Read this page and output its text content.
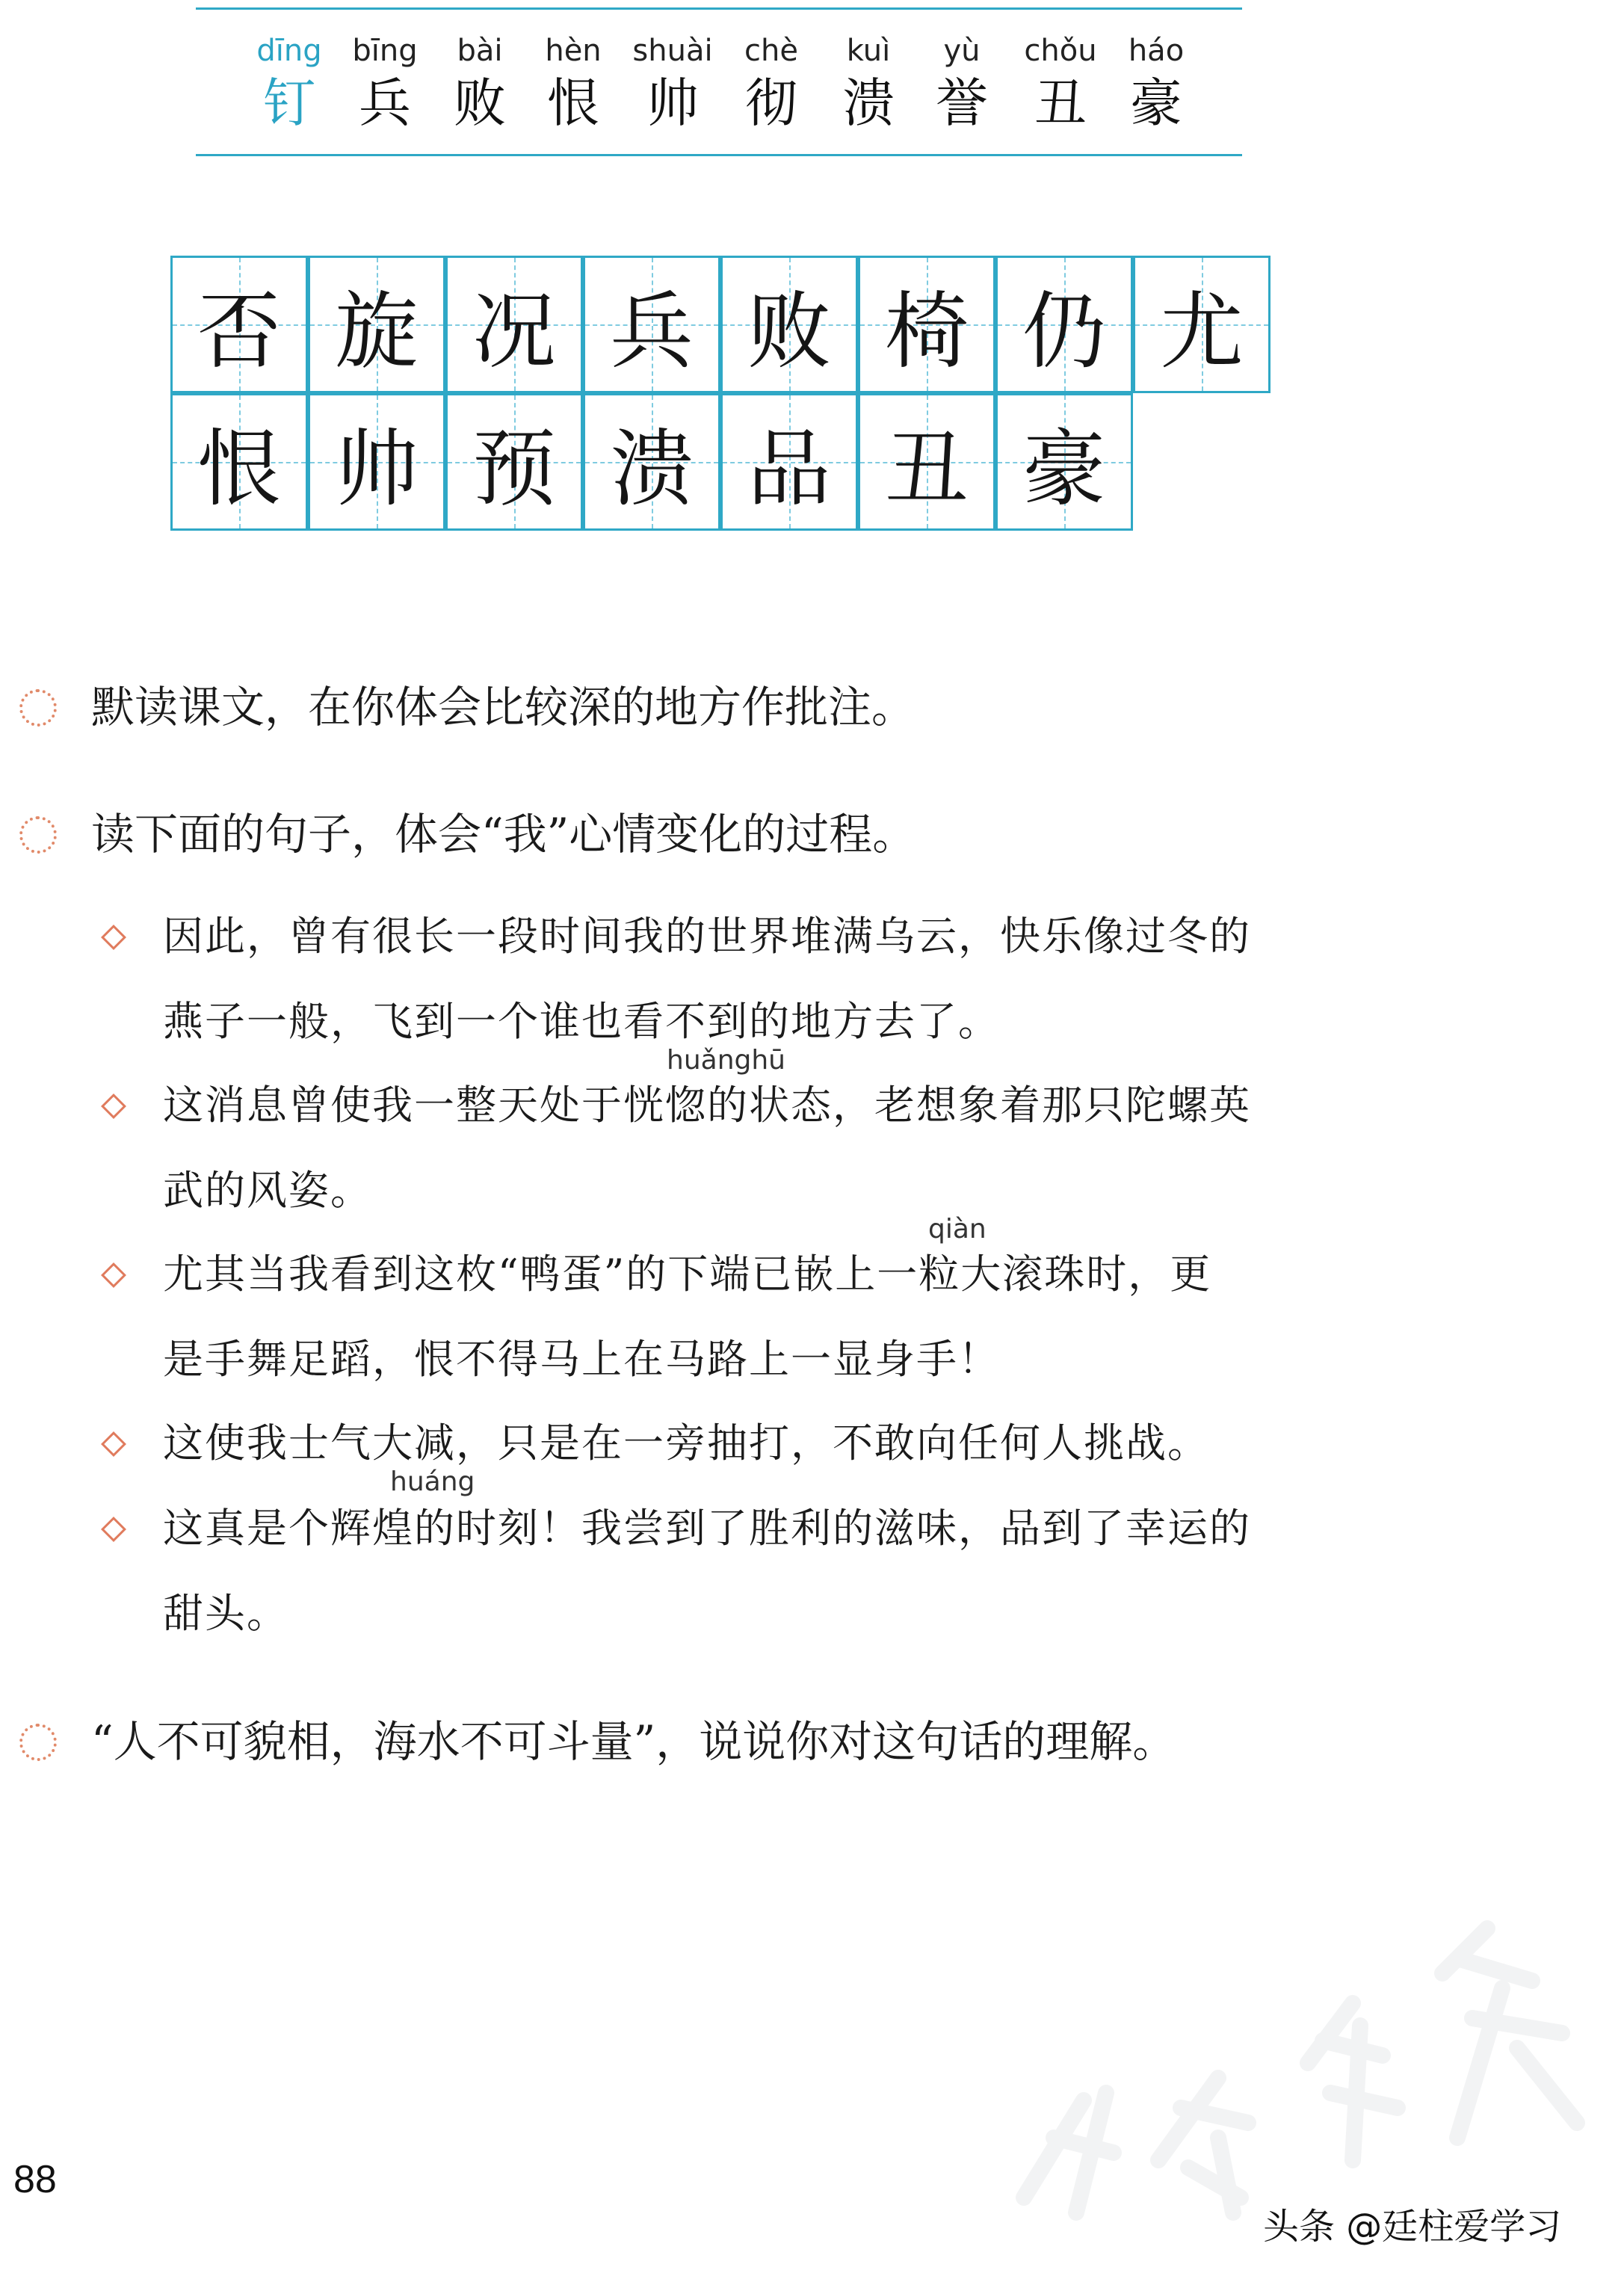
dīng
钉
bīng
兵
bài
败
hèn
恨
shuài
帅
chè
彻
kuì
溃
yù
誉
chǒu
丑
háo
豪
否 旋 况 兵 败 椅 仍 尤
恨 帅 预 溃 品 丑 豪
默读课文，在你体会比较深的地方作批注。
读下面的句子，体会“我”心情变化的过程。
因此，曾有很长一段时间我的世界堆满乌云，快乐像过冬的
燕子一般，飞到一个谁也看不到的地方去了。
huǎnghū
这消息曾使我一整天处于恍惚的状态，老想象着那只陀螺英
武的风姿。
qiàn
尤其当我看到这枚“鸭蛋”的下端已嵌上一粒大滚珠时，更
是手舞足蹈，恨不得马上在马路上一显身手！
这使我士气大减，只是在一旁抽打，不敢向任何人挑战。
huáng
这真是个辉煌的时刻！我尝到了胜利的滋味，品到了幸运的
甜头。
“人不可貌相，海水不可斗量”，说说你对这句话的理解。
88
头条 @廷柱爱学习
